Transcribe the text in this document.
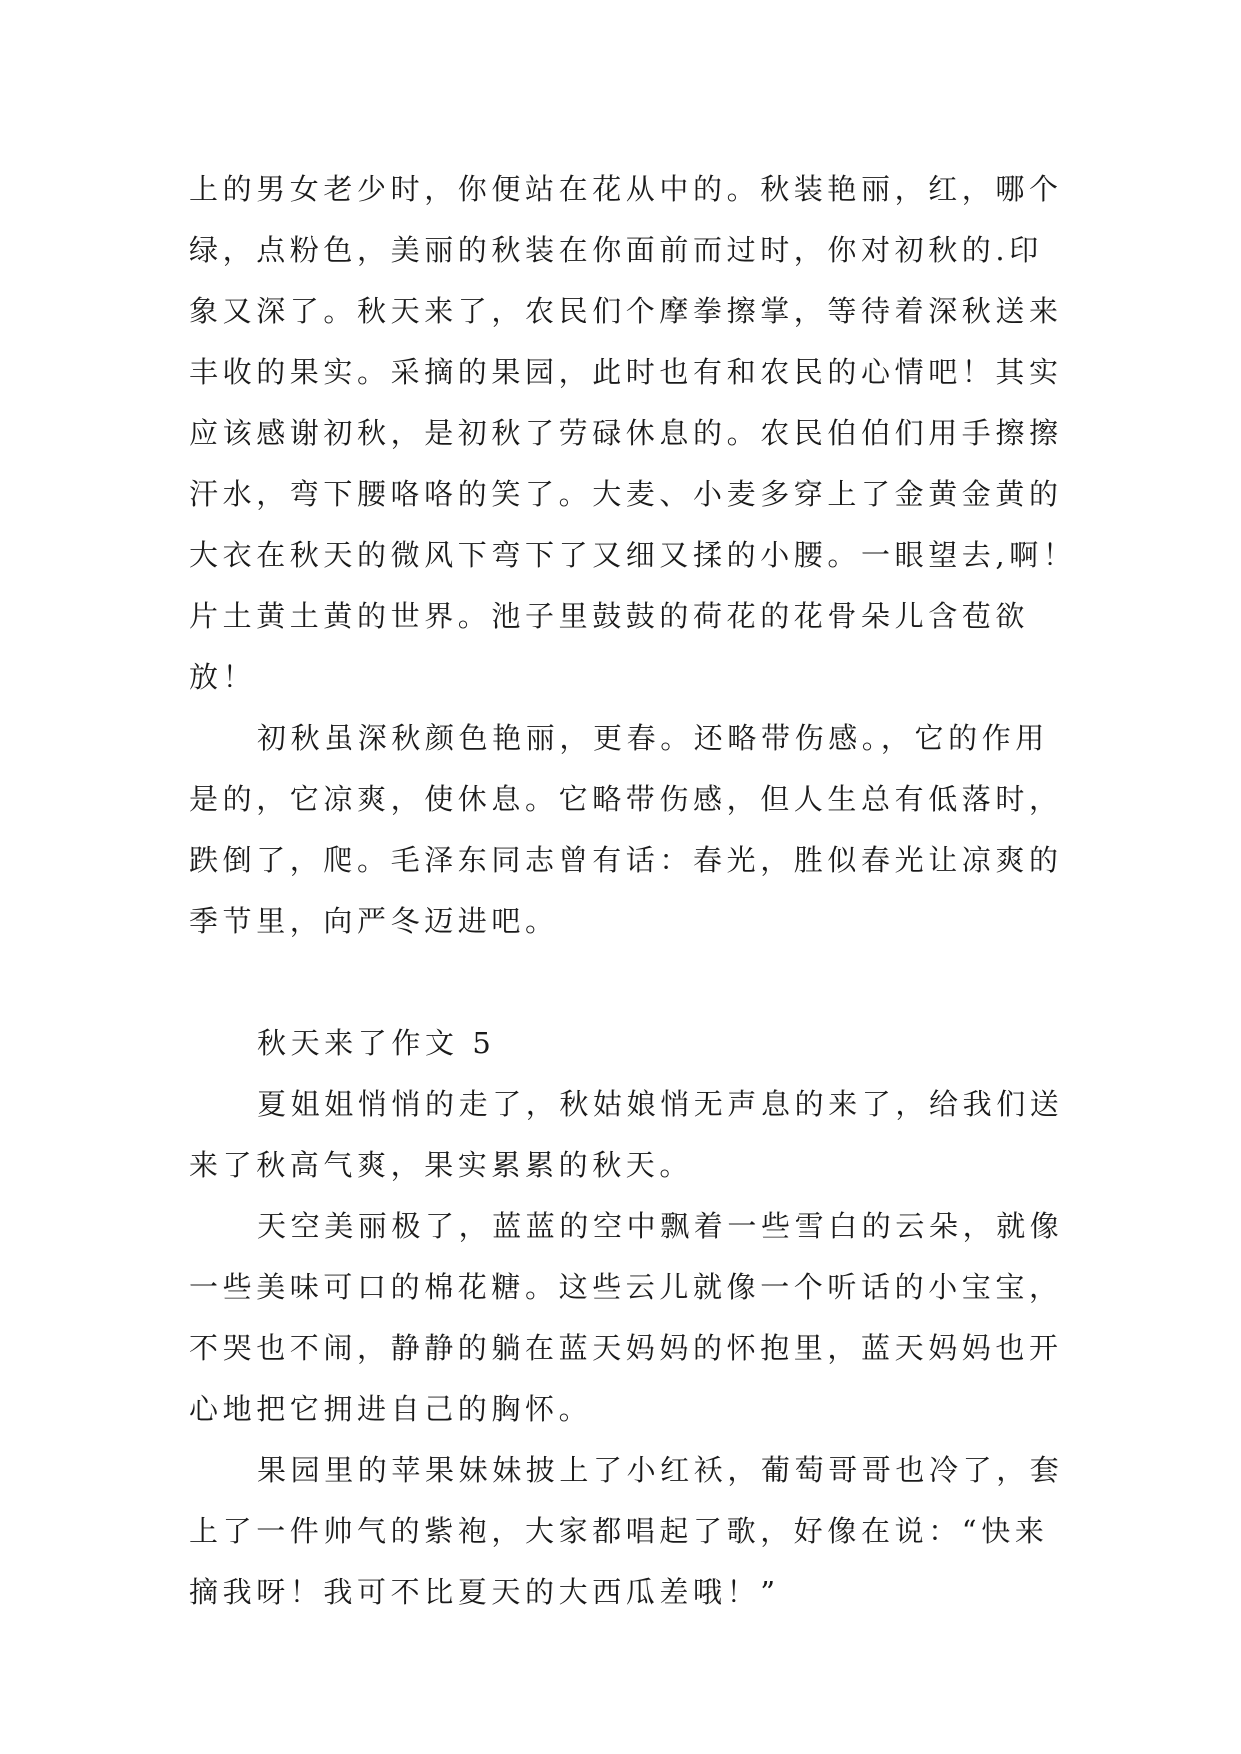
上的男女老少时，你便站在花从中的。秋装艳丽，红，哪个
绿，点粉色，美丽的秋装在你面前而过时，你对初秋的.印
象又深了。秋天来了，农民们个摩拳擦掌，等待着深秋送来
丰收的果实。采摘的果园，此时也有和农民的心情吧！其实
应该感谢初秋，是初秋了劳碌休息的。农民伯伯们用手擦擦
汗水，弯下腰咯咯的笑了。大麦、小麦多穿上了金黄金黄的
大衣在秋天的微风下弯下了又细又揉的小腰。一眼望去,啊！
片土黄土黄的世界。池子里鼓鼓的荷花的花骨朵儿含苞欲
放！
初秋虽深秋颜色艳丽，更春。还略带伤感。，它的作用
是的，它凉爽，使休息。它略带伤感，但人生总有低落时，
跌倒了，爬。毛泽东同志曾有话：春光，胜似春光让凉爽的
季节里，向严冬迈进吧。
秋天来了作文 5
夏姐姐悄悄的走了，秋姑娘悄无声息的来了，给我们送
来了秋高气爽，果实累累的秋天。
天空美丽极了，蓝蓝的空中飘着一些雪白的云朵，就像
一些美味可口的棉花糖。这些云儿就像一个听话的小宝宝，
不哭也不闹，静静的躺在蓝天妈妈的怀抱里，蓝天妈妈也开
心地把它拥进自己的胸怀。
果园里的苹果妹妹披上了小红袄，葡萄哥哥也冷了，套
上了一件帅气的紫袍，大家都唱起了歌，好像在说：“快来
摘我呀！我可不比夏天的大西瓜差哦！”
